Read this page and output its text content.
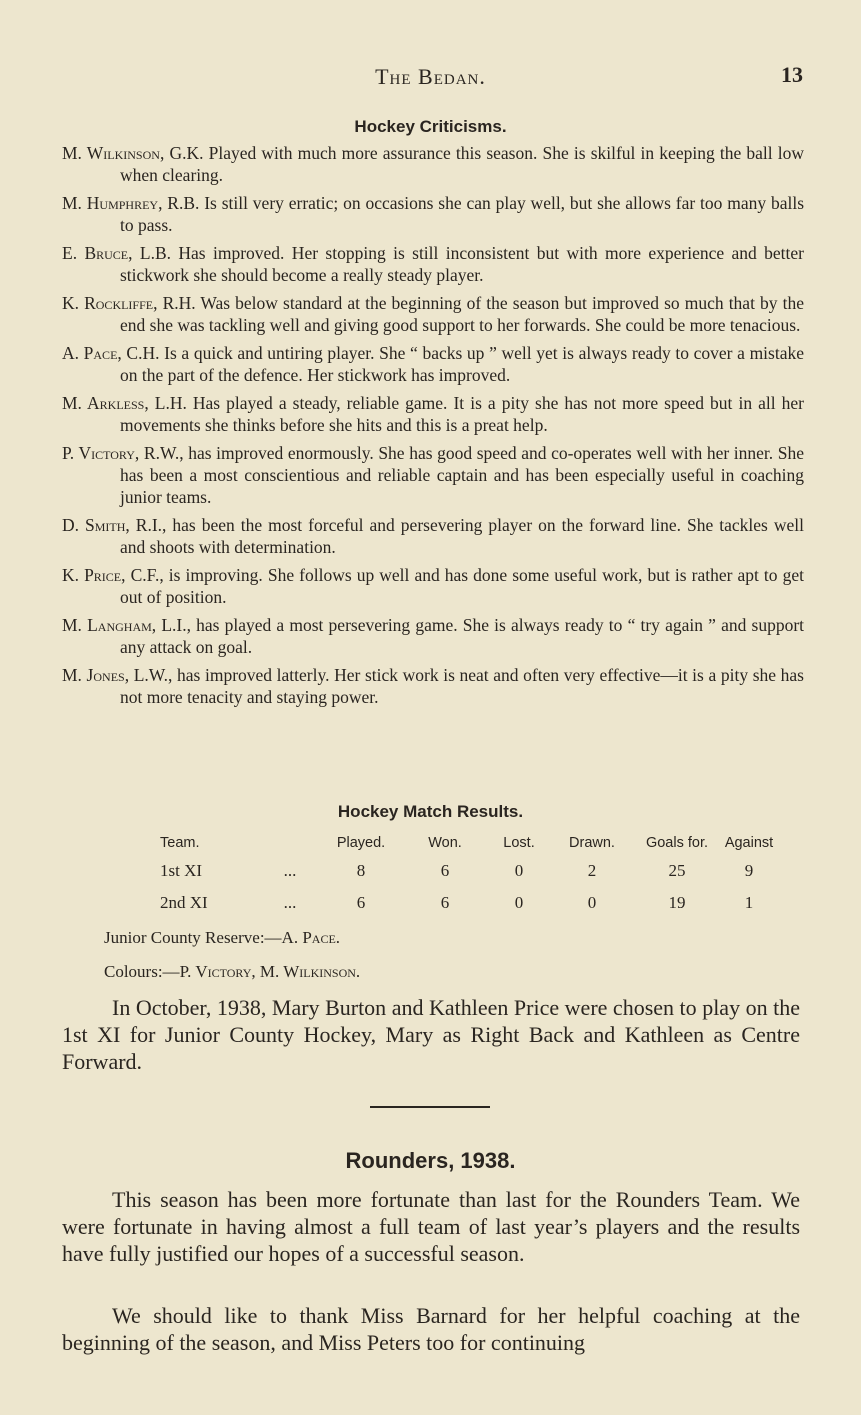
The Bedan.	13
Hockey Criticisms.

M. Wilkinson, G.K. Played with much more assurance this season. She is skilful in keeping the ball low when clearing.

M. Humphrey, R.B. Is still very erratic; on occasions she can play well, but she allows far too many balls to pass.

E. Bruce, L.B. Has improved. Her stopping is still inconsistent but with more experience and better stickwork she should become a really steady player.

K. Rockliffe, R.H. Was below standard at the beginning of the season but improved so much that by the end she was tackling well and giving good support to her forwards. She could be more tenacious.

A. Pace, C.H. Is a quick and untiring player. She “ backs up ” well yet is always ready to cover a mistake on the part of the defence. Her stickwork has improved.

M. Arkless, L.H. Has played a steady, reliable game. It is a pity she has not more speed but in all her movements she thinks before she hits and this is a preat help.

P. Victory, R.W., has improved enormously. She has good speed and co-operates well with her inner. She has been a most conscientious and reliable captain and has been especially useful in coaching junior teams.

D. Smith, R.I., has been the most forceful and persevering player on the forward line. She tackles well and shoots with determination.

K. Price, C.F., is improving. She follows up well and has done some useful work, but is rather apt to get out of position.

M. Langham, L.I., has played a most persevering game. She is always ready to “ try again ” and support any attack on goal.

M. Jones, L.W., has improved latterly. Her stick work is neat and often very effective—it is a pity she has not more tenacity and staying power.

Hockey Match Results.
Team.		Played.	Won.	Lost.	Drawn.	Goals for.	Against
1st XI	...	8	6	0	2	25	9
2nd XI	...	6	6	0	0	19	1
Junior County Reserve:—A. Pace.
Colours:—P. Victory, M. Wilkinson.

In October, 1938, Mary Burton and Kathleen Price were chosen to play on the 1st XI for Junior County Hockey, Mary as Right Back and Kathleen as Centre Forward.

Rounders, 1938.

This season has been more fortunate than last for the Rounders Team. We were fortunate in having almost a full team of last year’s players and the results have fully justified our hopes of a successful season.

We should like to thank Miss Barnard for her helpful coaching at the beginning of the season, and Miss Peters too for continuing
